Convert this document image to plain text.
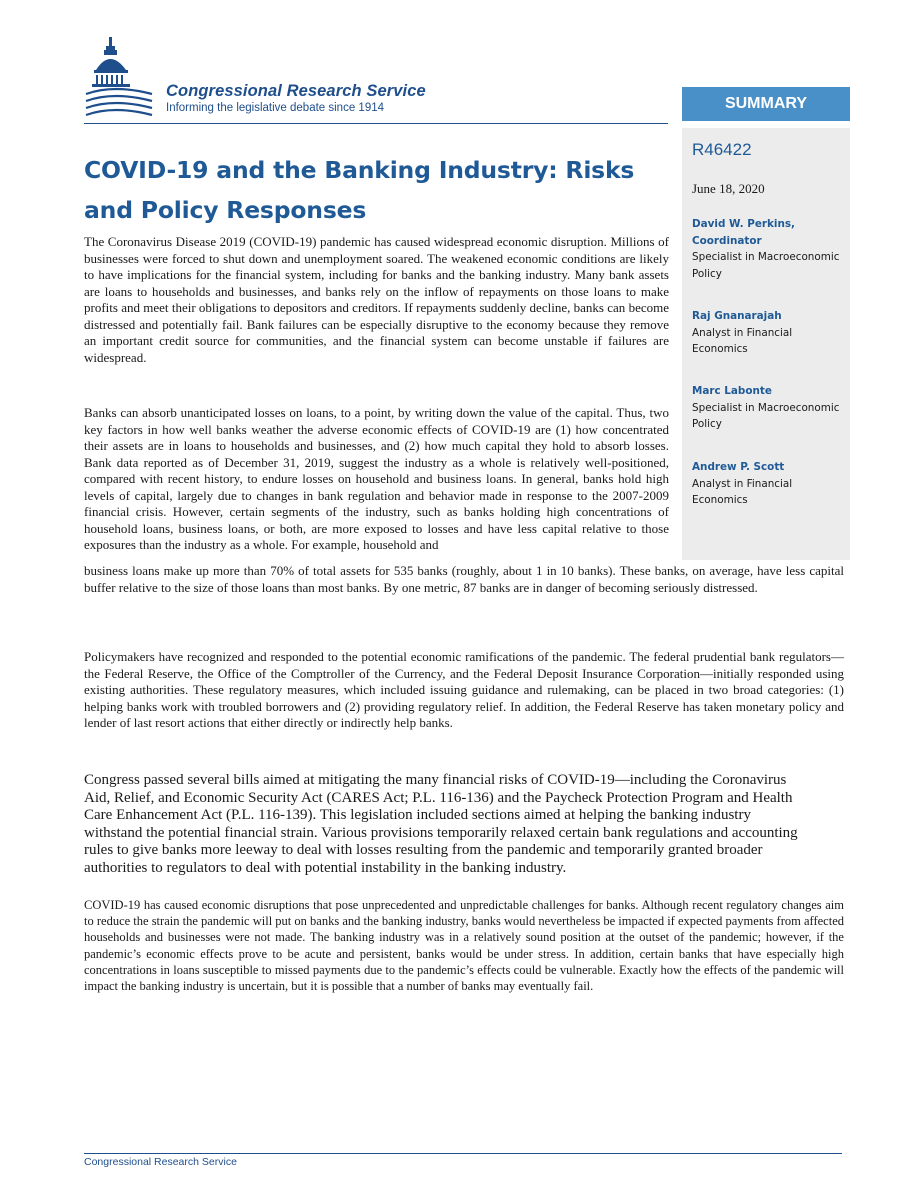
Congressional Research Service
Informing the legislative debate since 1914	SUMMARY
R46422
June 18, 2020
David W. Perkins,
Coordinator
Specialist in Macroeconomic Policy
Raj Gnanarajah
Analyst in Financial Economics
Marc Labonte
Specialist in Macroeconomic Policy
Andrew P. Scott
Analyst in Financial Economics
COVID-19 and the Banking Industry: Risks and Policy Responses

The Coronavirus Disease 2019 (COVID-19) pandemic has caused widespread economic disruption. Millions of businesses were forced to shut down and unemployment soared. The weakened economic conditions are likely to have implications for the financial system, including for banks and the banking industry. Many bank assets are loans to households and businesses, and banks rely on the inflow of repayments on those loans to make profits and meet their obligations to depositors and creditors. If repayments suddenly decline, banks can become distressed and potentially fail. Bank failures can be especially disruptive to the economy because they remove an important credit source for communities, and the financial system can become unstable if failures are widespread.

Banks can absorb unanticipated losses on loans, to a point, by writing down the value of the capital. Thus, two key factors in how well banks weather the adverse economic effects of COVID-19 are (1) how concentrated their assets are in loans to households and businesses, and (2) how much capital they hold to absorb losses. Bank data reported as of December 31, 2019, suggest the industry as a whole is relatively well-positioned, compared with recent history, to endure losses on household and business loans. In general, banks hold high levels of capital, largely due to changes in bank regulation and behavior made in response to the 2007-2009 financial crisis. However, certain segments of the industry, such as banks holding high concentrations of household loans, business loans, or both, are more exposed to losses and have less capital relative to those exposures than the industry as a whole. For example, household and

business loans make up more than 70% of total assets for 535 banks (roughly, about 1 in 10 banks). These banks, on average, have less capital buffer relative to the size of those loans than most banks. By one metric, 87 banks are in danger of becoming seriously distressed.

Policymakers have recognized and responded to the potential economic ramifications of the pandemic. The federal prudential bank regulators—the Federal Reserve, the Office of the Comptroller of the Currency, and the Federal Deposit Insurance Corporation—initially responded using existing authorities. These regulatory measures, which included issuing guidance and rulemaking, can be placed in two broad categories: (1) helping banks work with troubled borrowers and (2) providing regulatory relief. In addition, the Federal Reserve has taken monetary policy and lender of last resort actions that either directly or indirectly help banks.

Congress passed several bills aimed at mitigating the many financial risks of COVID-19—including the Coronavirus Aid, Relief, and Economic Security Act (CARES Act; P.L. 116-136) and the Paycheck Protection Program and Health Care Enhancement Act (P.L. 116-139). This legislation included sections aimed at helping the banking industry withstand the potential financial strain. Various provisions temporarily relaxed certain bank regulations and accounting rules to give banks more leeway to deal with losses resulting from the pandemic and temporarily granted broader authorities to regulators to deal with potential instability in the banking industry.

COVID-19 has caused economic disruptions that pose unprecedented and unpredictable challenges for banks. Although recent regulatory changes aim to reduce the strain the pandemic will put on banks and the banking industry, banks would nevertheless be impacted if expected payments from affected households and businesses were not made. The banking industry was in a relatively sound position at the outset of the pandemic; however, if the pandemic’s economic effects prove to be acute and persistent, banks would be under stress. In addition, certain banks that have especially high concentrations in loans susceptible to missed payments due to the pandemic’s effects could be vulnerable. Exactly how the effects of the pandemic will impact the banking industry is uncertain, but it is possible that a number of banks may eventually fail.

Congressional Research Service
